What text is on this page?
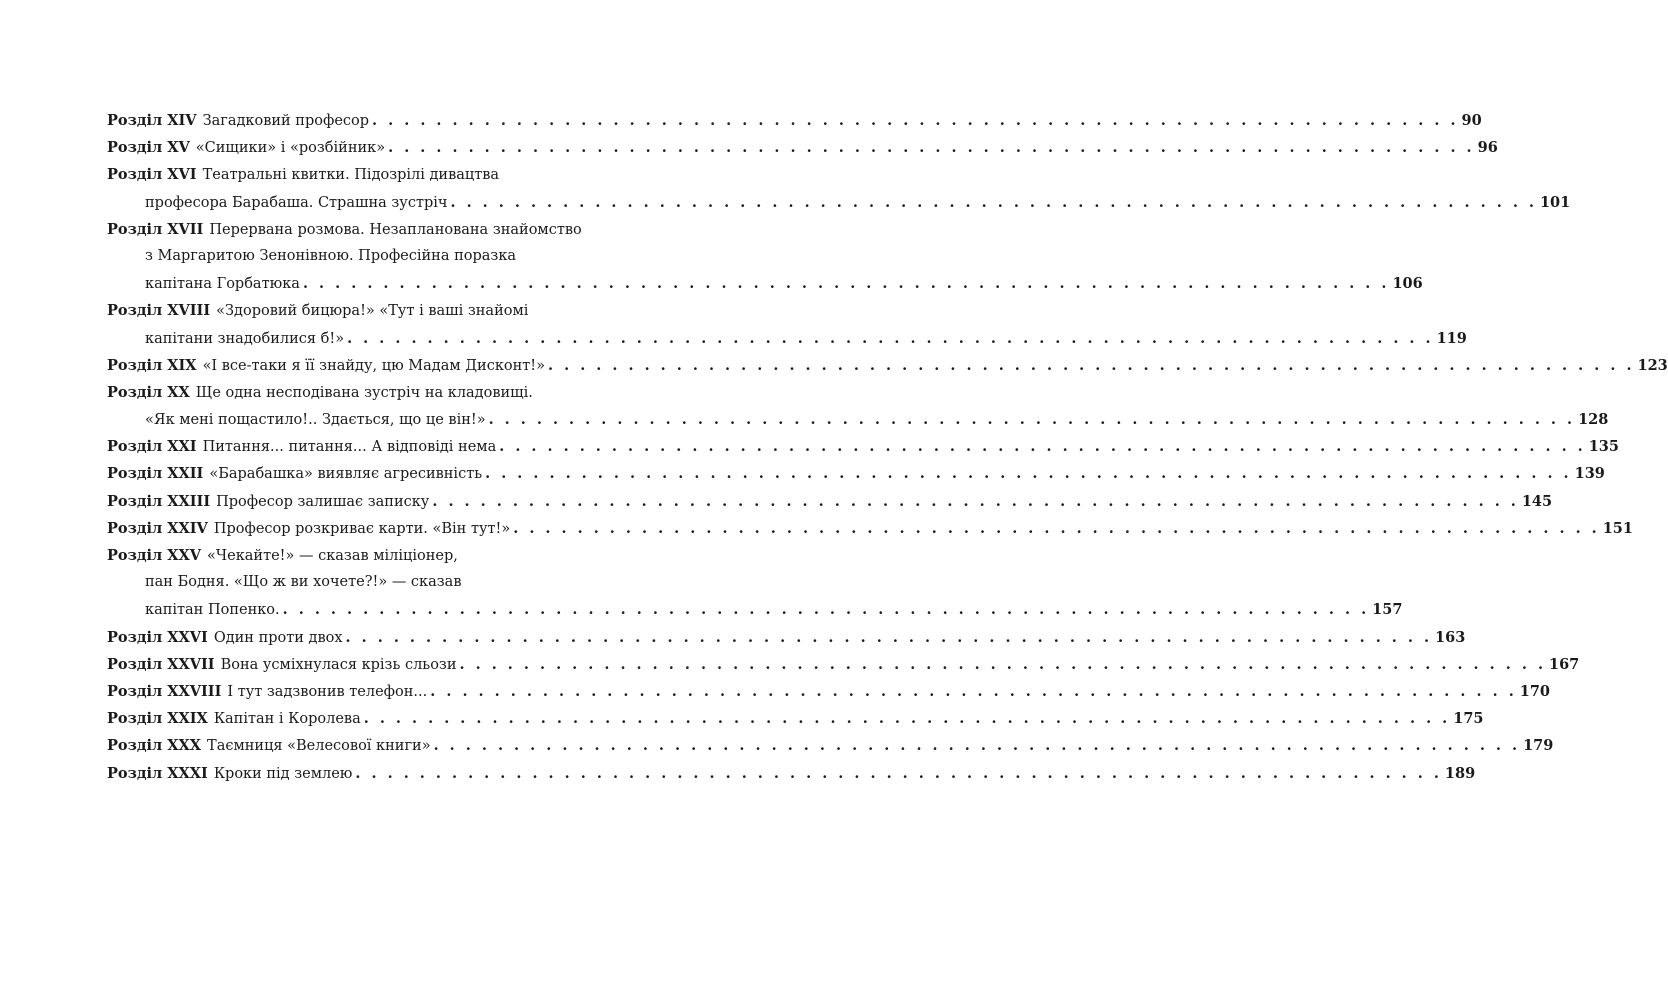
Розділ XIV Загадковий професор . . .	90
Розділ XV «Сищики» і «розбійник» . . .	96
Розділ XVI Театральні квитки. Підозрілі дивацтва
професора Барабаша. Страшна зустріч . . .	101
Розділ XVII Перервана розмова. Незапланована знайомство
з Маргаритою Зенонівною. Професійна поразка
капітана Горбатюка . . .	106
Розділ XVIII «Здоровий бицюра!» «Тут і ваші знайомі
капітани знадобилися б!» . . .	119
Розділ XIX «І все-таки я її знайду, цю Мадам Дисконт!» . . .	123
Розділ XX Ще одна несподівана зустріч на кладовищі.
«Як мені пощастило!.. Здається, що це він!» . . .	128
Розділ XXI Питання... питання... А відповіді нема . . .	135
Розділ XXII «Барабашка» виявляє агресивність . . .	139
Розділ XXIII Професор залишає записку . . .	145
Розділ XXIV Професор розкриває карти. «Він тут!» . . .	151
Розділ XXV «Чекайте!» — сказав міліціонер,
пан Бодня. «Що ж ви хочете?!» — сказав
капітан Попенко. . . .	157
Розділ XXVI Один проти двох . . .	163
Розділ XXVII Вона усміхнулася крізь сльози . . .	167
Розділ XXVIII І тут задзвонив телефон... . . .	170
Розділ XXIX Капітан і Королева . . .	175
Розділ XXX Таємниця «Велесової книги» . . .	179
Розділ XXXI Кроки під землею . . .	189
